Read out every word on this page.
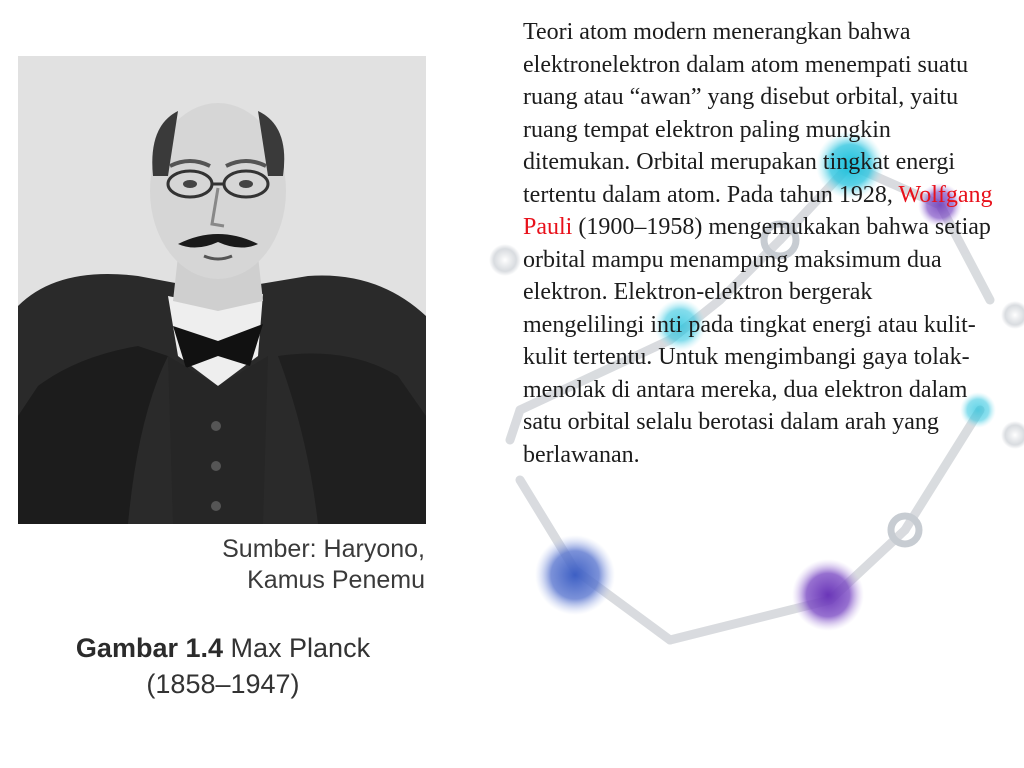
Sumber: Haryono,
Kamus Penemu
Gambar 1.4 Max Planck
(1858–1947)

Teori atom modern menerangkan bahwa elektronelektron dalam atom menempati suatu ruang atau “awan” yang disebut orbital, yaitu ruang tempat elektron paling mungkin ditemukan. Orbital merupakan tingkat energi

tertentu dalam atom. Pada tahun 1928, Wolfgang Pauli (1900–1958) mengemukakan bahwa setiap orbital mampu menampung maksimum dua elektron. Elektron-elektron bergerak mengelilingi inti pada tingkat energi atau kulit-kulit tertentu. Untuk mengimbangi gaya tolak-menolak di antara mereka, dua elektron dalam satu orbital selalu berotasi dalam arah yang berlawanan.
